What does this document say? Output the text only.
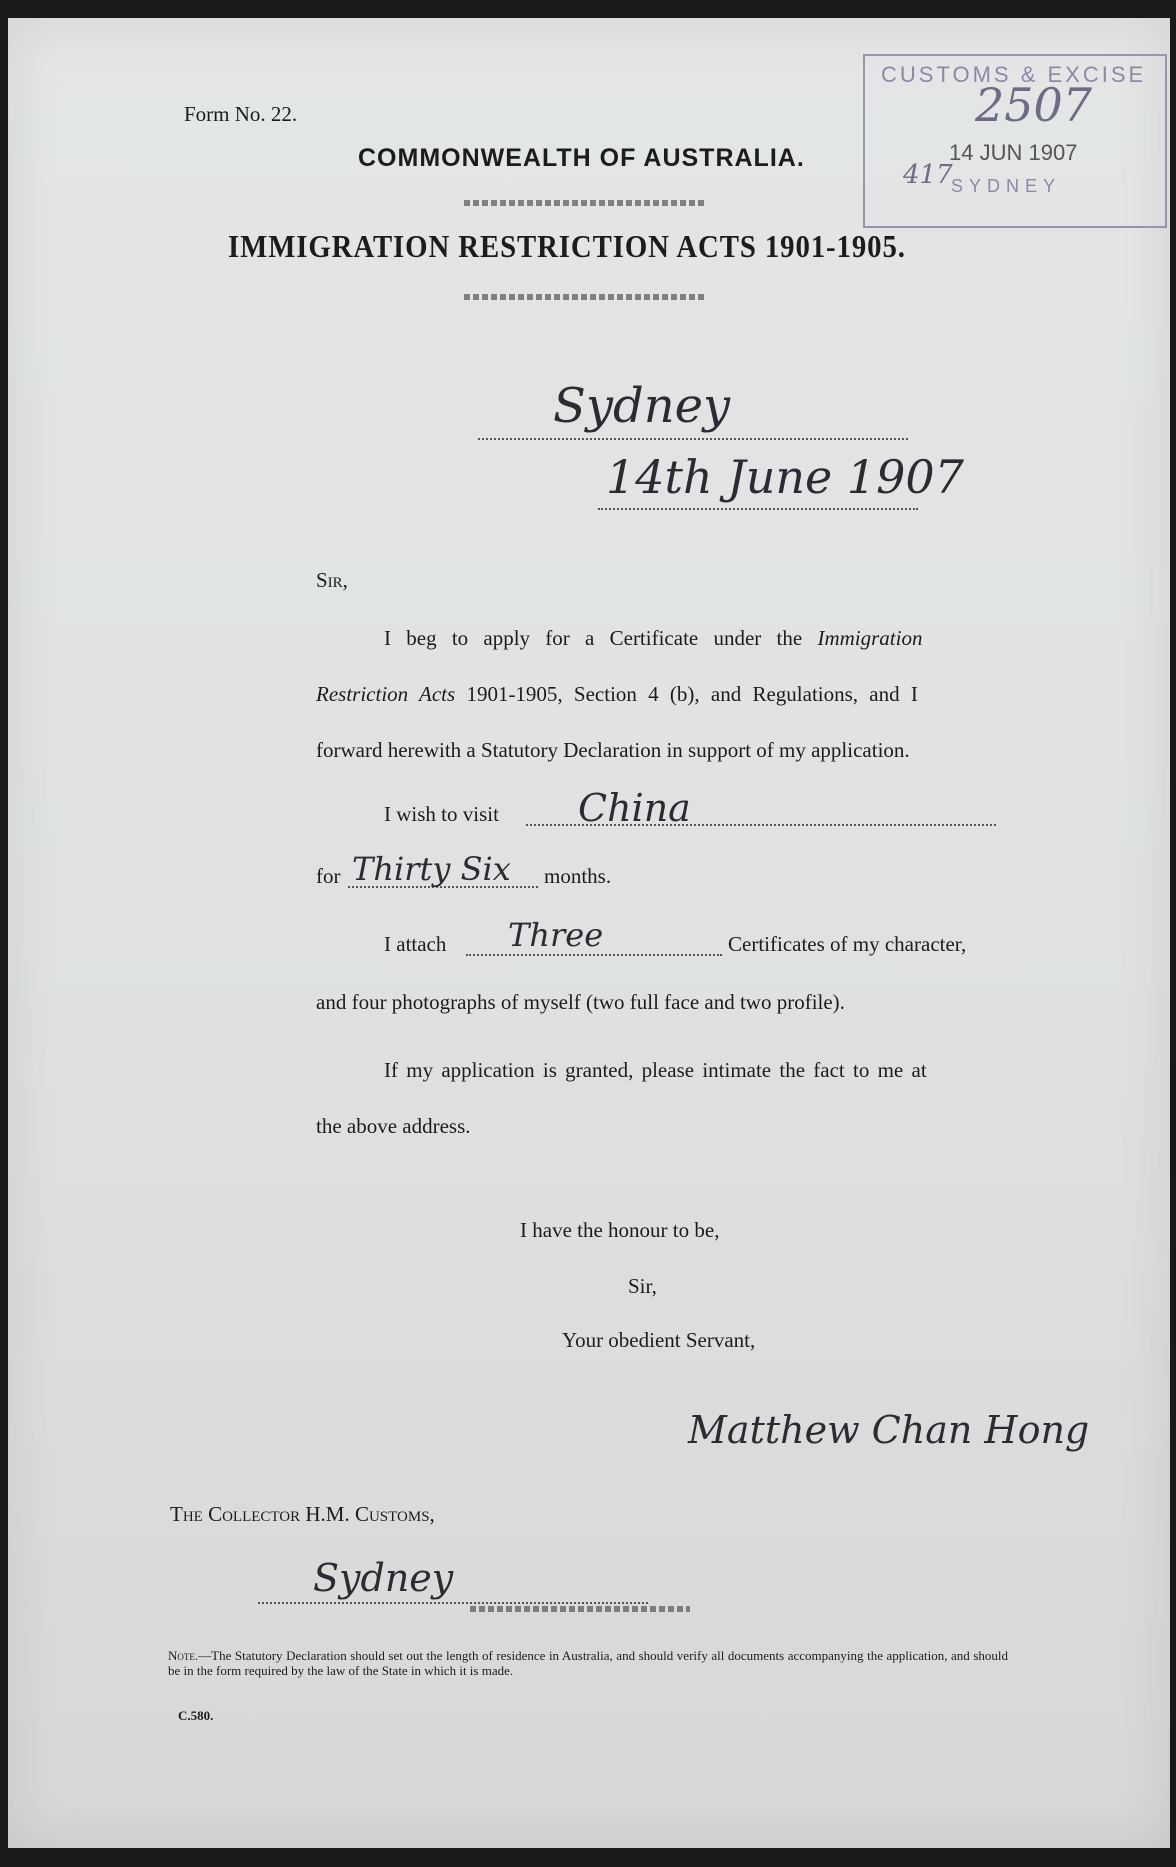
CUSTOMS & EXCISE
2507
14 JUN 1907
SYDNEY
417
Form No. 22.
COMMONWEALTH OF AUSTRALIA.
IMMIGRATION RESTRICTION ACTS 1901-1905.
Sydney
14th June 1907
Sir,
I beg to apply for a Certificate under the Immigration
Restriction Acts 1901-1905, Section 4 (b), and Regulations, and I
forward herewith a Statutory Declaration in support of my application.
I wish to visit China
for Thirty Six months.
I attach Three	Certificates of my character,
and four photographs of myself (two full face and two profile).
If my application is granted, please intimate the fact to me at
the above address.
I have the honour to be,
Sir,
Your obedient Servant,
Matthew Chan Hong
The Collector H.M. Customs,
Sydney
Note.—The Statutory Declaration should set out the length of residence in Australia, and should verify all documents accompanying the application, and should be in the form required by the law of the State in which it is made.
C.580.
